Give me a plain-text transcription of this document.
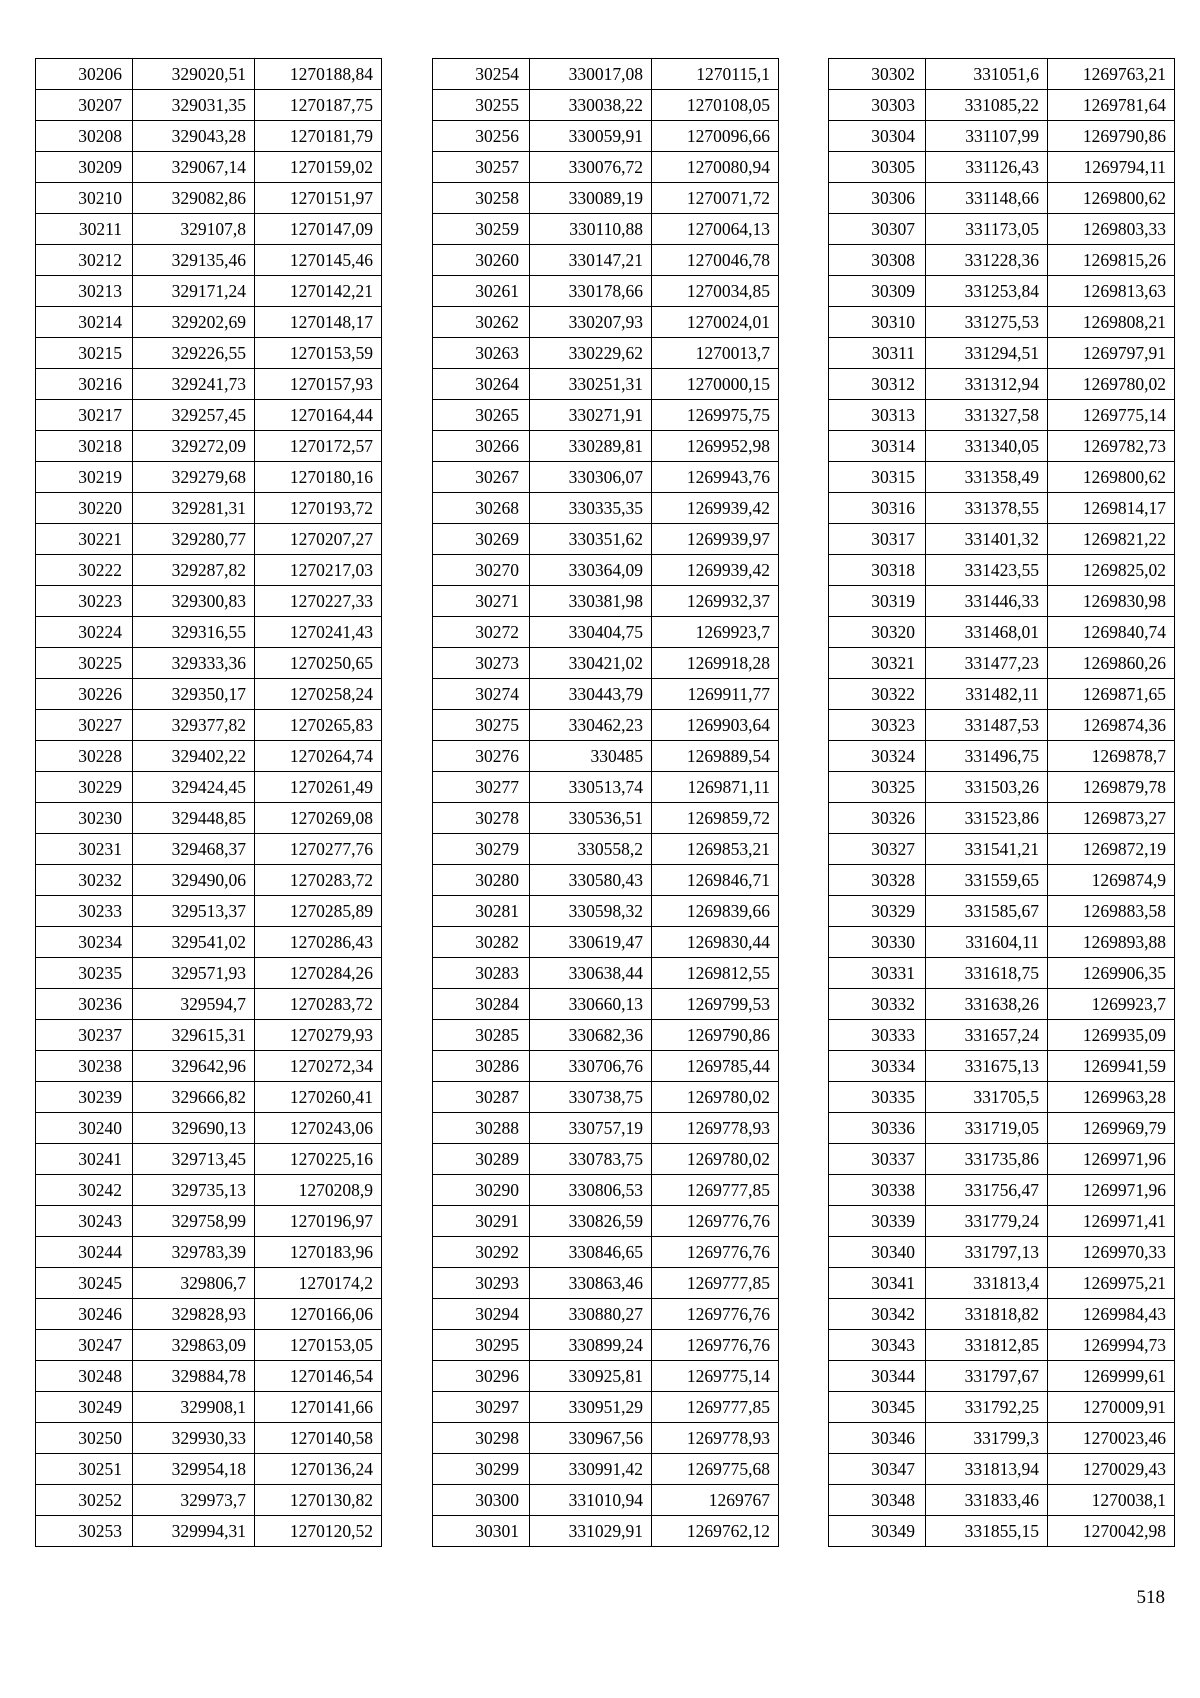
30206	329020,51	1270188,84
30207	329031,35	1270187,75
30208	329043,28	1270181,79
30209	329067,14	1270159,02
30210	329082,86	1270151,97
30211	329107,8	1270147,09
30212	329135,46	1270145,46
30213	329171,24	1270142,21
30214	329202,69	1270148,17
30215	329226,55	1270153,59
30216	329241,73	1270157,93
30217	329257,45	1270164,44
30218	329272,09	1270172,57
30219	329279,68	1270180,16
30220	329281,31	1270193,72
30221	329280,77	1270207,27
30222	329287,82	1270217,03
30223	329300,83	1270227,33
30224	329316,55	1270241,43
30225	329333,36	1270250,65
30226	329350,17	1270258,24
30227	329377,82	1270265,83
30228	329402,22	1270264,74
30229	329424,45	1270261,49
30230	329448,85	1270269,08
30231	329468,37	1270277,76
30232	329490,06	1270283,72
30233	329513,37	1270285,89
30234	329541,02	1270286,43
30235	329571,93	1270284,26
30236	329594,7	1270283,72
30237	329615,31	1270279,93
30238	329642,96	1270272,34
30239	329666,82	1270260,41
30240	329690,13	1270243,06
30241	329713,45	1270225,16
30242	329735,13	1270208,9
30243	329758,99	1270196,97
30244	329783,39	1270183,96
30245	329806,7	1270174,2
30246	329828,93	1270166,06
30247	329863,09	1270153,05
30248	329884,78	1270146,54
30249	329908,1	1270141,66
30250	329930,33	1270140,58
30251	329954,18	1270136,24
30252	329973,7	1270130,82
30253	329994,31	1270120,52
30254	330017,08	1270115,1
30255	330038,22	1270108,05
30256	330059,91	1270096,66
30257	330076,72	1270080,94
30258	330089,19	1270071,72
30259	330110,88	1270064,13
30260	330147,21	1270046,78
30261	330178,66	1270034,85
30262	330207,93	1270024,01
30263	330229,62	1270013,7
30264	330251,31	1270000,15
30265	330271,91	1269975,75
30266	330289,81	1269952,98
30267	330306,07	1269943,76
30268	330335,35	1269939,42
30269	330351,62	1269939,97
30270	330364,09	1269939,42
30271	330381,98	1269932,37
30272	330404,75	1269923,7
30273	330421,02	1269918,28
30274	330443,79	1269911,77
30275	330462,23	1269903,64
30276	330485	1269889,54
30277	330513,74	1269871,11
30278	330536,51	1269859,72
30279	330558,2	1269853,21
30280	330580,43	1269846,71
30281	330598,32	1269839,66
30282	330619,47	1269830,44
30283	330638,44	1269812,55
30284	330660,13	1269799,53
30285	330682,36	1269790,86
30286	330706,76	1269785,44
30287	330738,75	1269780,02
30288	330757,19	1269778,93
30289	330783,75	1269780,02
30290	330806,53	1269777,85
30291	330826,59	1269776,76
30292	330846,65	1269776,76
30293	330863,46	1269777,85
30294	330880,27	1269776,76
30295	330899,24	1269776,76
30296	330925,81	1269775,14
30297	330951,29	1269777,85
30298	330967,56	1269778,93
30299	330991,42	1269775,68
30300	331010,94	1269767
30301	331029,91	1269762,12
30302	331051,6	1269763,21
30303	331085,22	1269781,64
30304	331107,99	1269790,86
30305	331126,43	1269794,11
30306	331148,66	1269800,62
30307	331173,05	1269803,33
30308	331228,36	1269815,26
30309	331253,84	1269813,63
30310	331275,53	1269808,21
30311	331294,51	1269797,91
30312	331312,94	1269780,02
30313	331327,58	1269775,14
30314	331340,05	1269782,73
30315	331358,49	1269800,62
30316	331378,55	1269814,17
30317	331401,32	1269821,22
30318	331423,55	1269825,02
30319	331446,33	1269830,98
30320	331468,01	1269840,74
30321	331477,23	1269860,26
30322	331482,11	1269871,65
30323	331487,53	1269874,36
30324	331496,75	1269878,7
30325	331503,26	1269879,78
30326	331523,86	1269873,27
30327	331541,21	1269872,19
30328	331559,65	1269874,9
30329	331585,67	1269883,58
30330	331604,11	1269893,88
30331	331618,75	1269906,35
30332	331638,26	1269923,7
30333	331657,24	1269935,09
30334	331675,13	1269941,59
30335	331705,5	1269963,28
30336	331719,05	1269969,79
30337	331735,86	1269971,96
30338	331756,47	1269971,96
30339	331779,24	1269971,41
30340	331797,13	1269970,33
30341	331813,4	1269975,21
30342	331818,82	1269984,43
30343	331812,85	1269994,73
30344	331797,67	1269999,61
30345	331792,25	1270009,91
30346	331799,3	1270023,46
30347	331813,94	1270029,43
30348	331833,46	1270038,1
30349	331855,15	1270042,98
518
